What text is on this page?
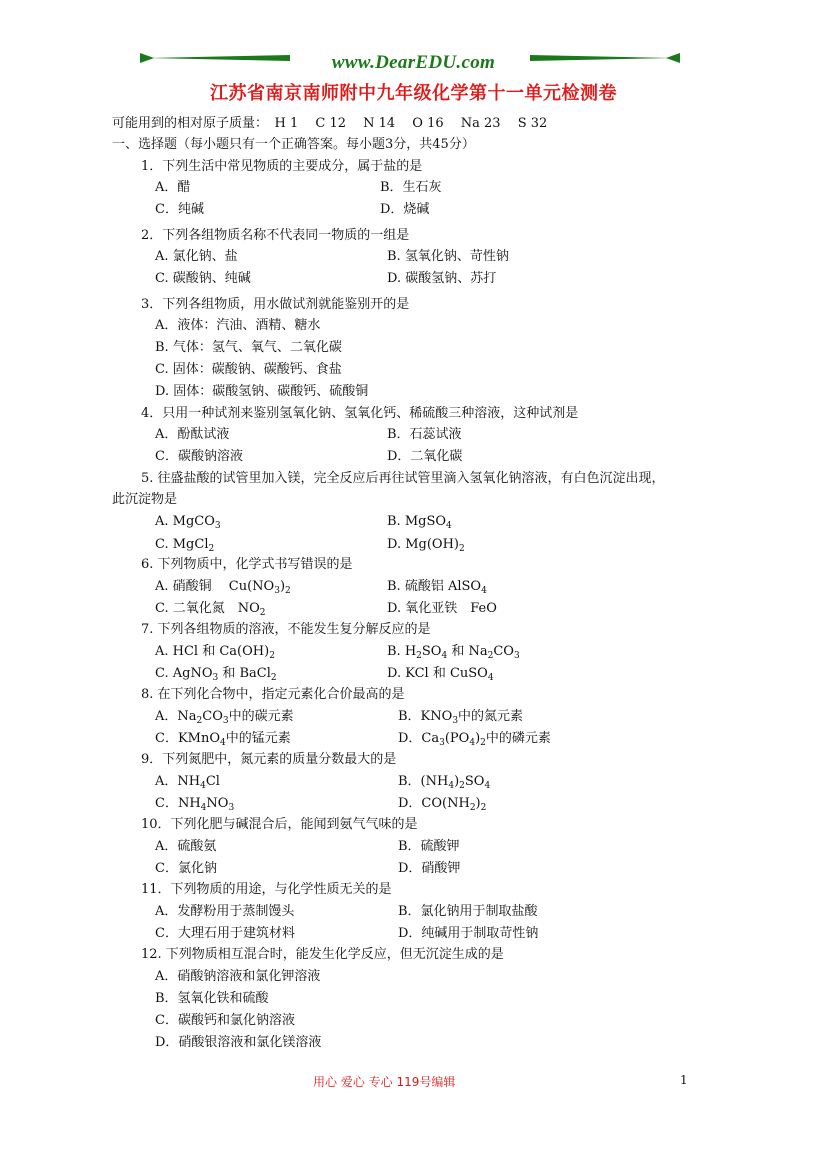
www.DearEDU.com
江苏省南京南师附中九年级化学第十一单元检测卷
可能用到的相对原子质量：　H 1　 C 12　 N 14　 O 16　 Na 23　 S 32
一、选择题（每小题只有一个正确答案。每小题3分，共45分）
1．下列生活中常见物质的主要成分，属于盐的是
A．醋	B．生石灰
C．纯碱	D．烧碱
2．下列各组物质名称不代表同一物质的一组是
A. 氯化钠、盐	B. 氢氧化钠、苛性钠
C. 碳酸钠、纯碱	D. 碳酸氢钠、苏打
3．下列各组物质，用水做试剂就能鉴别开的是
A．液体：汽油、酒精、糖水
B. 气体：氢气、氧气、二氧化碳
C. 固体：碳酸钠、碳酸钙、食盐
D. 固体：碳酸氢钠、碳酸钙、硫酸铜
4．只用一种试剂来鉴别氢氧化钠、氢氧化钙、稀硫酸三种溶液，这种试剂是
A．酚酞试液	B．石蕊试液
C．碳酸钠溶液	D．二氧化碳
5. 往盛盐酸的试管里加入镁，完全反应后再往试管里滴入氢氧化钠溶液，有白色沉淀出现，
此沉淀物是
A. MgCO$_3$	B. MgSO$_4$
C. MgCl$_2$	D. $Mg(OH)_2$
6. 下列物质中，化学式书写错误的是
A. 硝酸铜　 $Cu(NO_3)_2$	B. 硫酸铝 AlSO$_4$
C. 二氧化氮　$NO_2$	D. 氧化亚铁　FeO
7. 下列各组物质的溶液，不能发生复分解反应的是
A. HCl 和 $Ca(OH)_2$	B. $H_2SO_4$ 和 $Na_2CO_3$
C. AgNO$_3$ 和 BaCl$_2$	D. KCl 和 CuSO$_4$
8. 在下列化合物中，指定元素化合价最高的是
A．$Na_2CO_3$中的碳元素	B．$KNO_3$中的氮元素
C．KMnO$_4$中的锰元素	D．$Ca_3(PO_4)_2$中的磷元素
9．下列氮肥中，氮元素的质量分数最大的是
A．$NH_4Cl$	B．$(NH_4)_2SO_4$
C．$NH_4NO_3$	D．$CO(NH_2)_2$
10．下列化肥与碱混合后，能闻到氨气气味的是
A．硫酸氨	B．硫酸钾
C．氯化钠	D．硝酸钾
11．下列物质的用途，与化学性质无关的是
A．发酵粉用于蒸制馒头	B．氯化钠用于制取盐酸
C．大理石用于建筑材料	D．纯碱用于制取苛性钠
12. 下列物质相互混合时，能发生化学反应，但无沉淀生成的是
A．硝酸钠溶液和氯化钾溶液
B．氢氧化铁和硫酸
C．碳酸钙和氯化钠溶液
D．硝酸银溶液和氯化镁溶液
用心 爱心 专心 119号编辑	1
